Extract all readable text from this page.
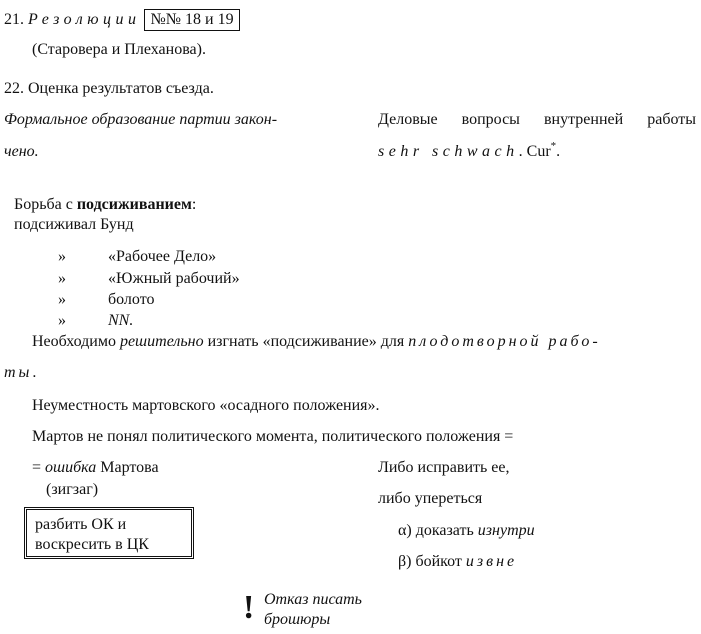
21. Резолюции №№ 18 и 19
(Староверa и Плеханова).
22. Оценка результатов съезда.
Формальное образование партии закон-
чено.
Деловые вопросы внутренней работы
sehr schwach. Cur*.
Борьба с подсиживанием:
подсиживал Бунд
»	«Рабочее Дело»
»	«Южный рабочий»
»	болото
»	NN.
Необходимо решительно изгнать «подсиживание» для плодотворной рабо-
ты.
Неуместность мартовского «осадного положения».
Мартов не понял политического момента, политического положения =
= ошибка Мартова
(зигзаг)
разбить ОК и
воскресить в ЦК
Либо исправить ее,
либо упереться
α) доказать изнутри
β) бойкот извне
! Отказ писать
брошюры
